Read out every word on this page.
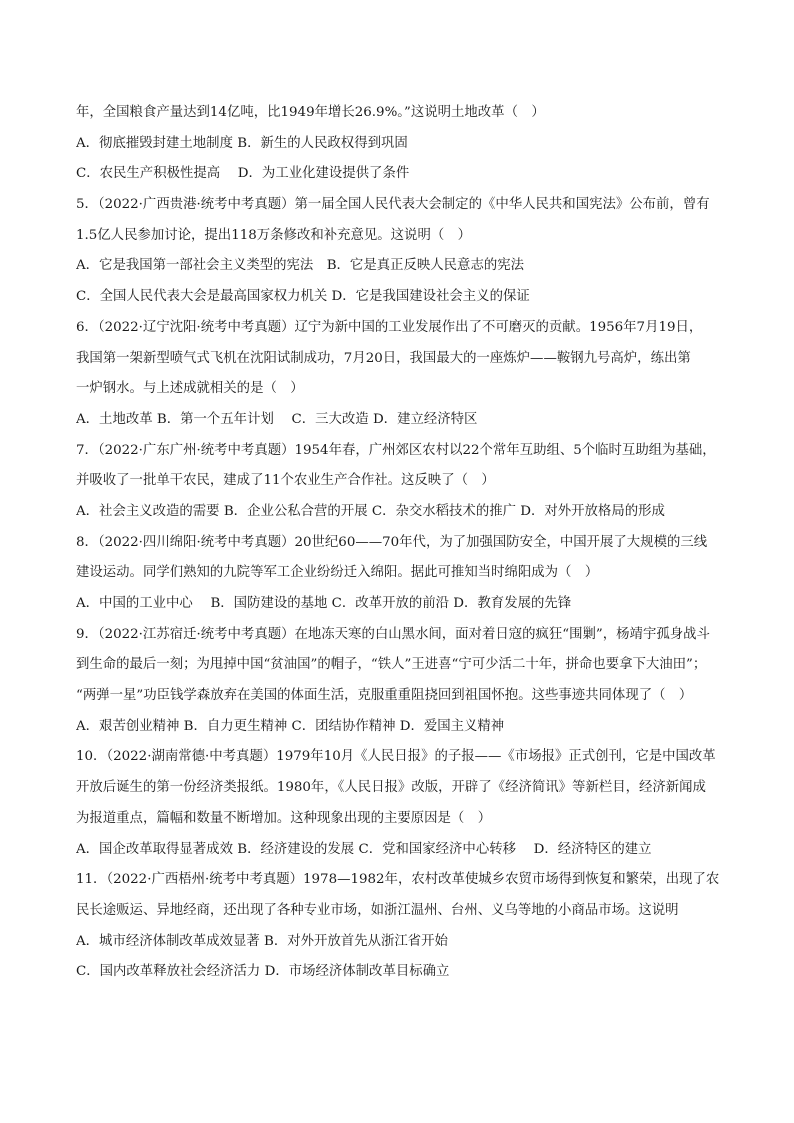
年，全国粮食产量达到14亿吨，比1949年增长26.9%。”这说明土地改革（　）
A．彻底摧毁封建土地制度 B．新生的人民政权得到巩固
C．农民生产积极性提高　 D．为工业化建设提供了条件
5．（2022·广西贵港·统考中考真题）第一届全国人民代表大会制定的《中华人民共和国宪法》公布前，曾有
1.5亿人民参加讨论，提出118万条修改和补充意见。这说明（　）
A．它是我国第一部社会主义类型的宪法　B．它是真正反映人民意志的宪法
C．全国人民代表大会是最高国家权力机关 D．它是我国建设社会主义的保证
6．（2022·辽宁沈阳·统考中考真题）辽宁为新中国的工业发展作出了不可磨灭的贡献。1956年7月19日，
我国第一架新型喷气式飞机在沈阳试制成功，7月20日，我国最大的一座炼炉——鞍钢九号高炉，练出第
一炉钢水。与上述成就相关的是（　）
A．土地改革 B．第一个五年计划　 C．三大改造 D．建立经济特区
7．（2022·广东广州·统考中考真题）1954年春，广州郊区农村以22个常年互助组、5个临时互助组为基础，
并吸收了一批单干农民，建成了11个农业生产合作社。这反映了（　）
A．社会主义改造的需要 B．企业公私合营的开展 C．杂交水稻技术的推广 D．对外开放格局的形成
8．（2022·四川绵阳·统考中考真题）20世纪60——70年代，为了加强国防安全，中国开展了大规模的三线
建设运动。同学们熟知的九院等军工企业纷纷迁入绵阳。据此可推知当时绵阳成为（　）
A．中国的工业中心　 B．国防建设的基地 C．改革开放的前沿 D．教育发展的先锋
9．（2022·江苏宿迁·统考中考真题）在地冻天寒的白山黑水间，面对着日寇的疯狂“围剿”，杨靖宇孤身战斗
到生命的最后一刻；为甩掉中国“贫油国”的帽子，“铁人”王进喜“宁可少活二十年，拼命也要拿下大油田”；
“两弹一星”功臣钱学森放弃在美国的体面生活，克服重重阻挠回到祖国怀抱。这些事迹共同体现了（　）
A．艰苦创业精神 B．自力更生精神 C．团结协作精神 D．爱国主义精神
10．（2022·湖南常德·中考真题）1979年10月《人民日报》的子报——《市场报》正式创刊，它是中国改革
开放后诞生的第一份经济类报纸。1980年，《人民日报》改版，开辟了《经济简讯》等新栏目，经济新闻成
为报道重点，篇幅和数量不断增加。这种现象出现的主要原因是（　）
A．国企改革取得显著成效 B．经济建设的发展 C．党和国家经济中心转移　 D．经济特区的建立
11．（2022·广西梧州·统考中考真题）1978—1982年，农村改革使城乡农贸市场得到恢复和繁荣，出现了农
民长途贩运、异地经商，还出现了各种专业市场，如浙江温州、台州、义乌等地的小商品市场。这说明
A．城市经济体制改革成效显著 B．对外开放首先从浙江省开始
C．国内改革释放社会经济活力 D．市场经济体制改革目标确立
